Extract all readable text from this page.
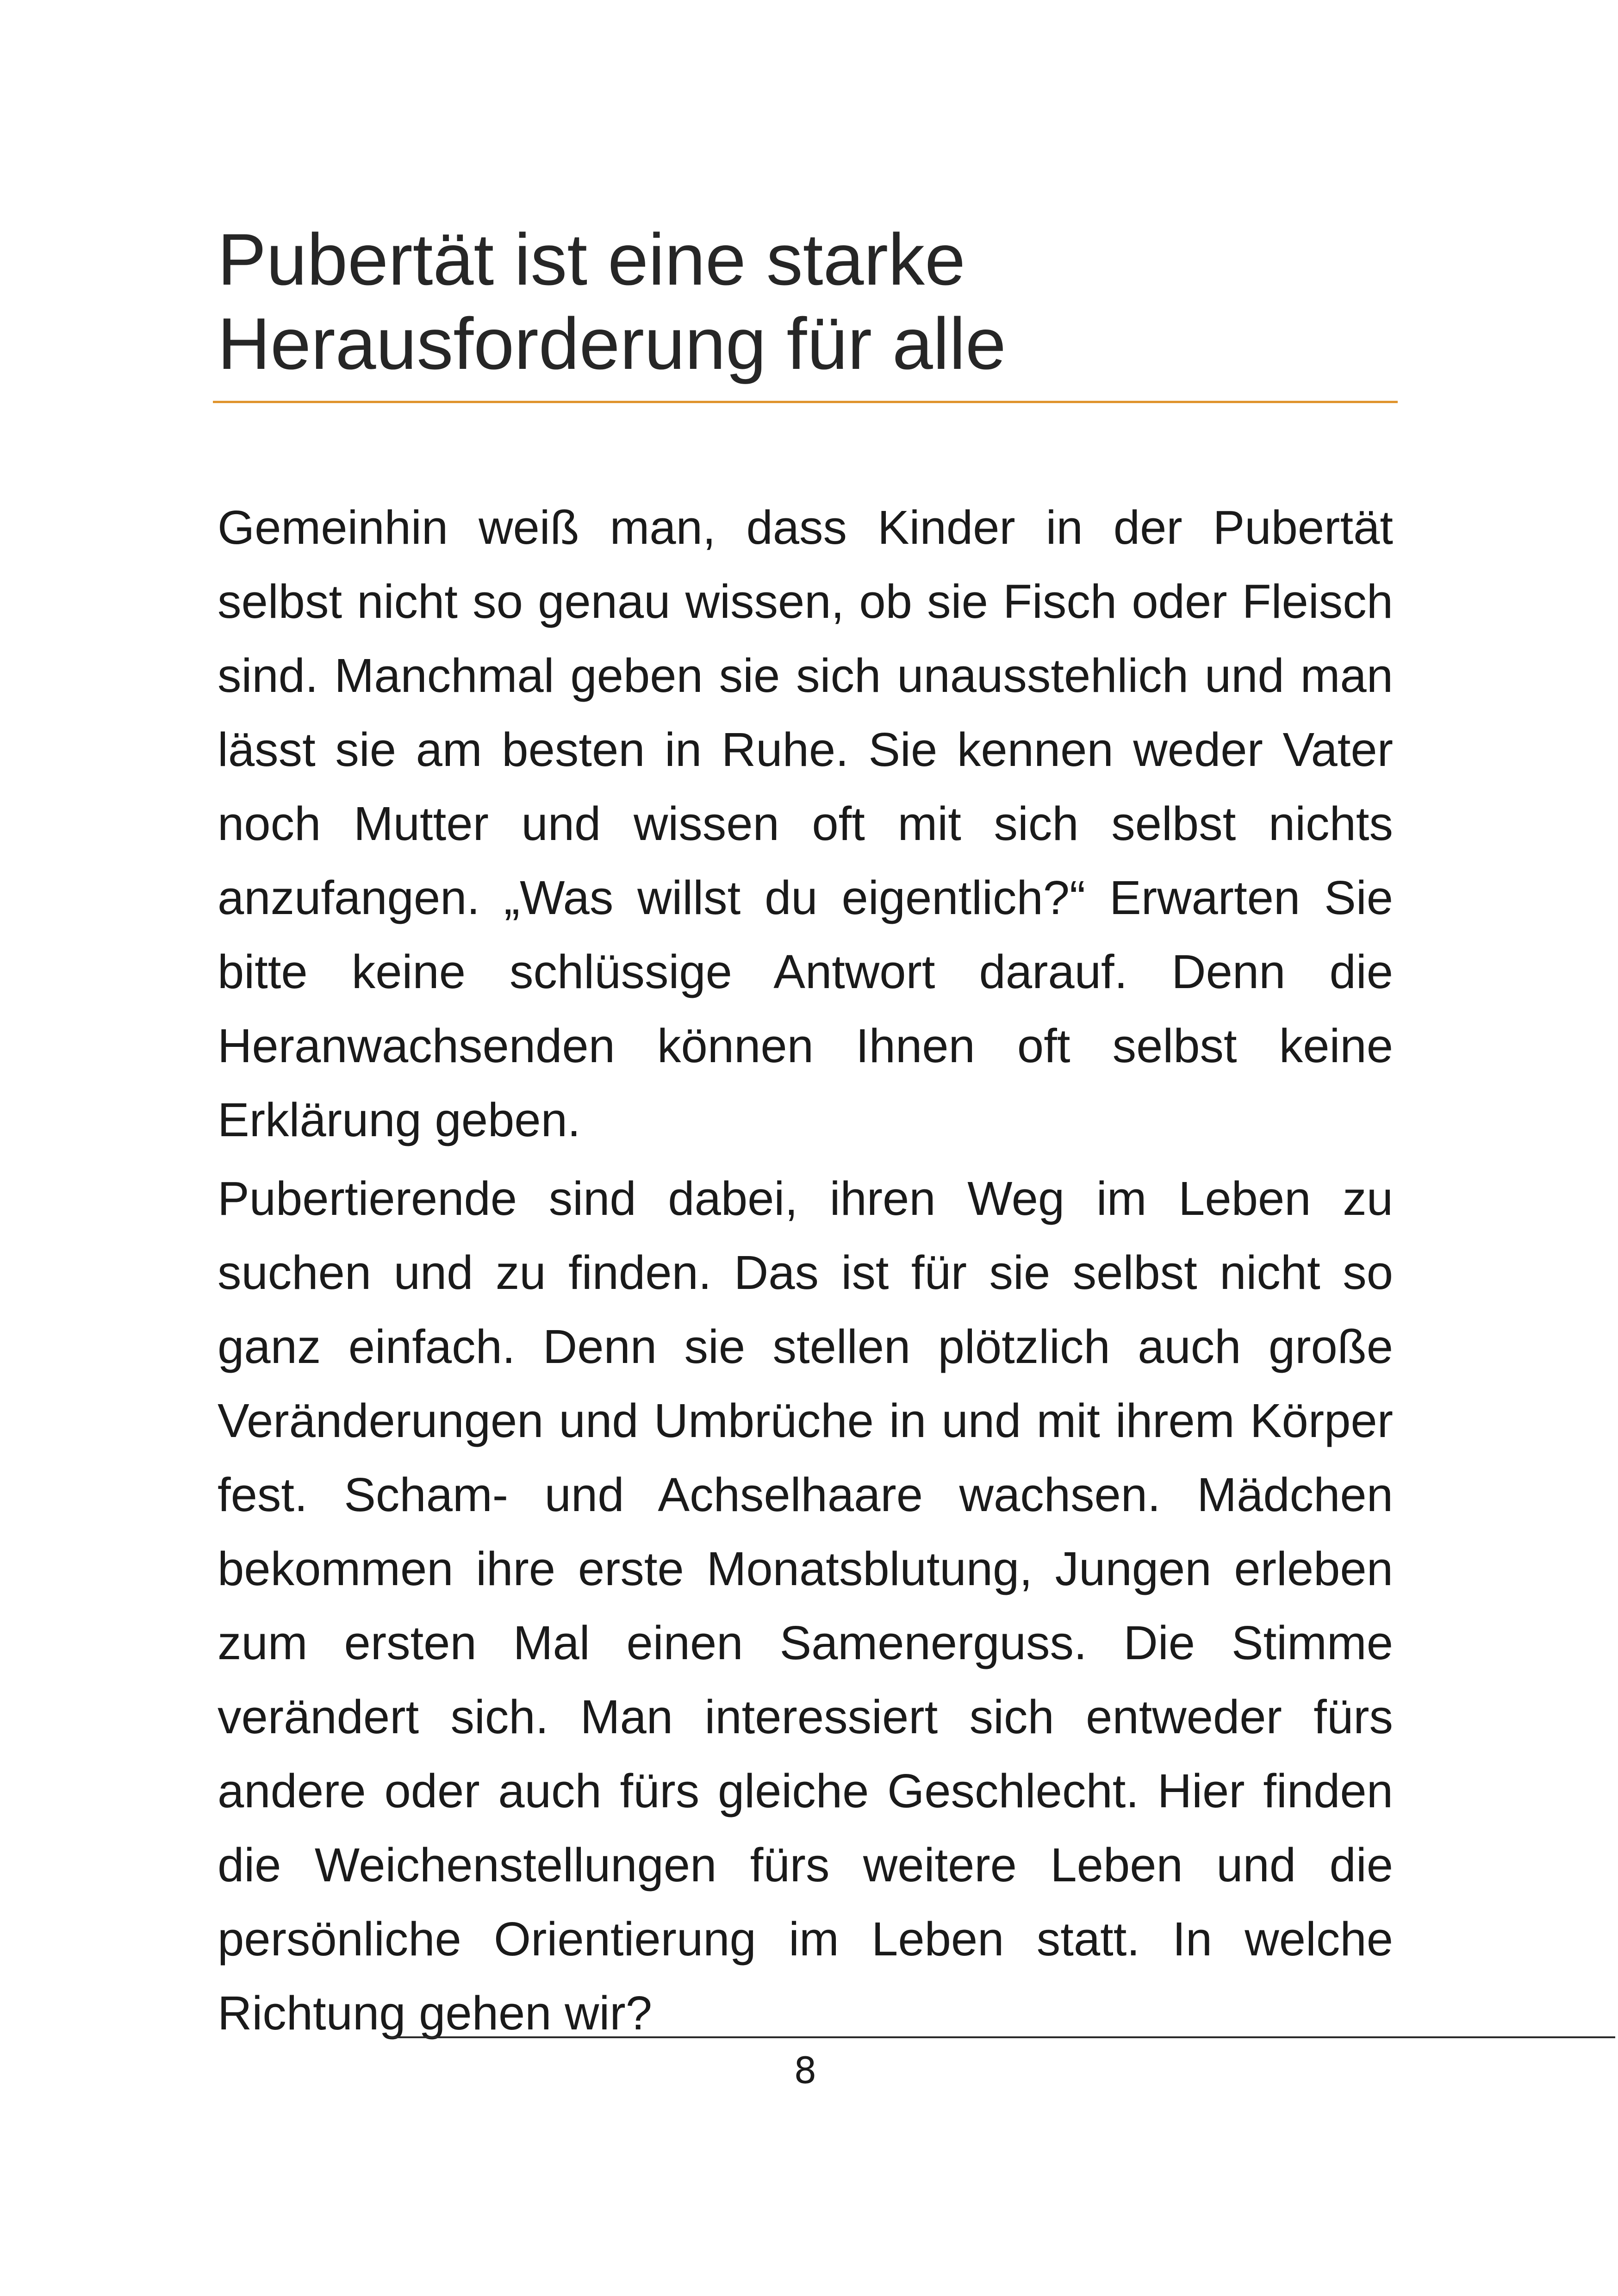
Pubertät ist eine starke
Herausforderung für alle

Gemeinhin weiß man, dass Kinder in der Pubertät selbst nicht so genau wissen, ob sie Fisch oder Fleisch sind. Manchmal geben sie sich unausstehlich und man lässt sie am besten in Ruhe. Sie kennen weder Vater noch Mutter und wissen oft mit sich selbst nichts anzufangen. „Was willst du eigentlich?“ Erwarten Sie bitte keine schlüssige Antwort darauf. Denn die Heranwachsenden können Ihnen oft selbst keine Erklärung geben.

Pubertierende sind dabei, ihren Weg im Leben zu suchen und zu finden. Das ist für sie selbst nicht so ganz einfach. Denn sie stellen plötzlich auch große Veränderungen und Umbrüche in und mit ihrem Körper fest. Scham- und Achselhaare wachsen. Mädchen bekommen ihre erste Monatsblutung, Jungen erleben zum ersten Mal einen Samenerguss. Die Stimme verändert sich. Man interessiert sich entweder fürs andere oder auch fürs gleiche Geschlecht. Hier finden die Weichenstellungen fürs weitere Leben und die persönliche Orientierung im Leben statt. In welche Richtung gehen wir?

8
